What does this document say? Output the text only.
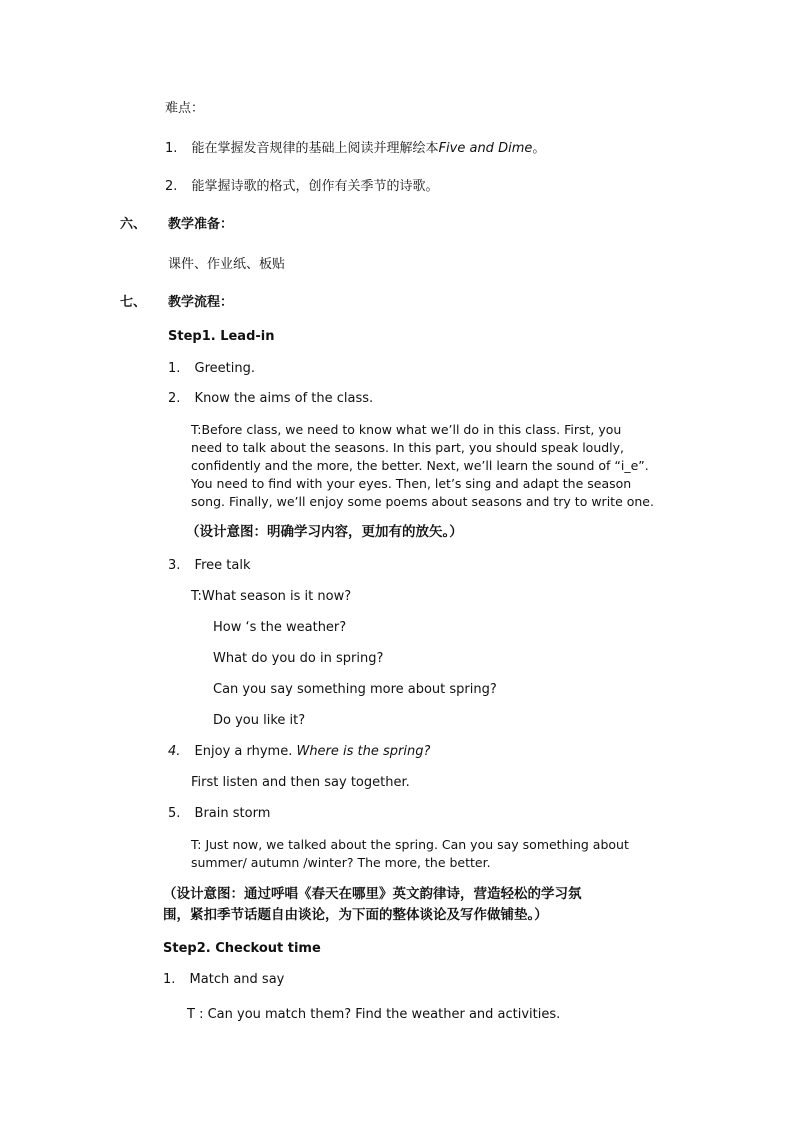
难点：
1. 能在掌握发音规律的基础上阅读并理解绘本Five and Dime。
2. 能掌握诗歌的格式，创作有关季节的诗歌。
六、 教学准备：
课件、作业纸、板贴
七、 教学流程：
Step1. Lead-in
1. Greeting.
2. Know the aims of the class.
T:Before class, we need to know what we’ll do in this class. First, you
need to talk about the seasons. In this part, you should speak loudly,
confidently and the more, the better. Next, we’ll learn the sound of “i_e”.
You need to find with your eyes. Then, let’s sing and adapt the season
song. Finally, we’ll enjoy some poems about seasons and try to write one.
（设计意图：明确学习内容，更加有的放矢。）
3. Free talk
T:What season is it now?
How ‘s the weather?
What do you do in spring?
Can you say something more about spring?
Do you like it?
4. Enjoy a rhyme. Where is the spring?
First listen and then say together.
5. Brain storm
T: Just now, we talked about the spring. Can you say something about
summer/ autumn /winter? The more, the better.
（设计意图：通过呼唱《春天在哪里》英文韵律诗，营造轻松的学习氛
围，紧扣季节话题自由谈论，为下面的整体谈论及写作做铺垫。）
Step2. Checkout time
1. Match and say
T : Can you match them? Find the weather and activities.
